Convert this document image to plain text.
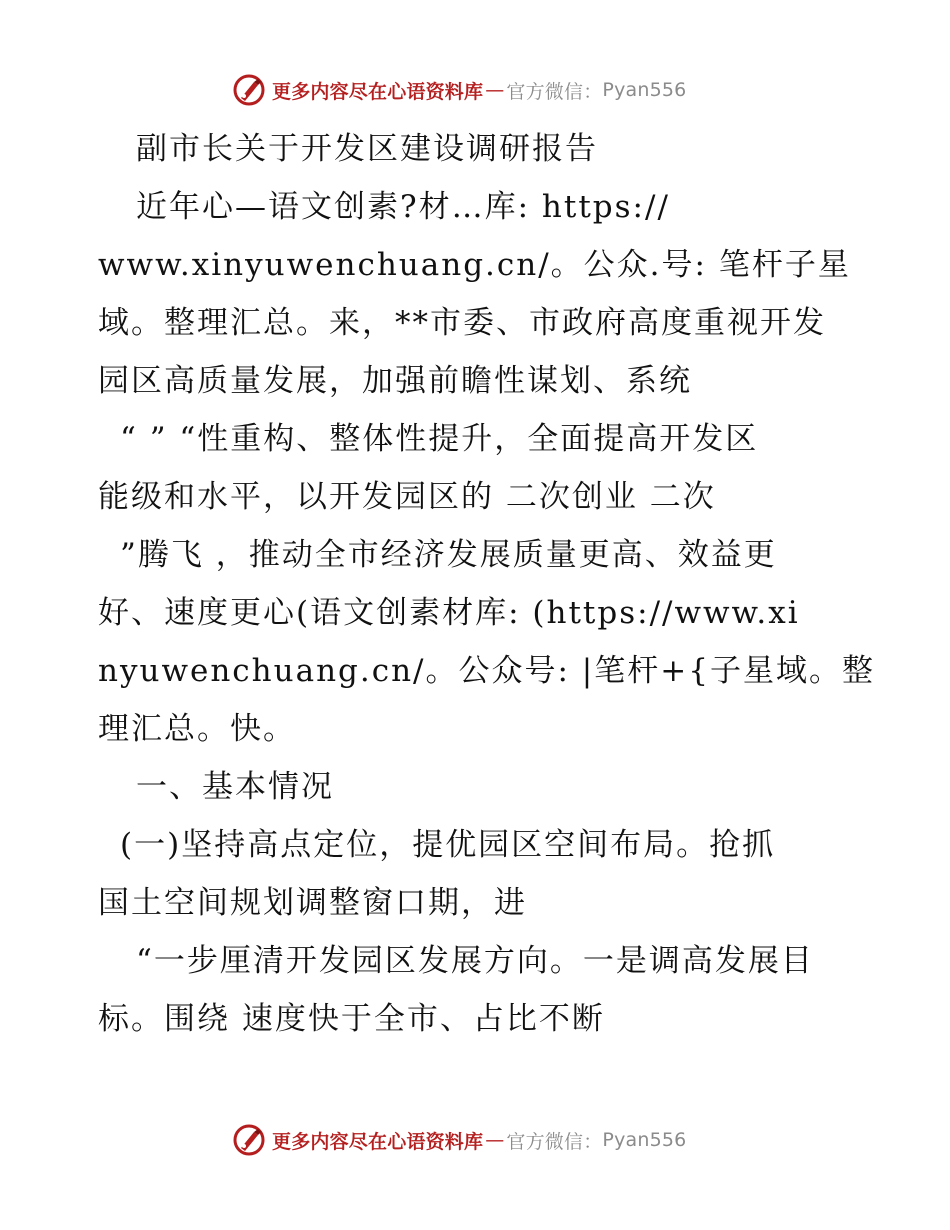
更多内容尽在心语资料库 — 官方微信： Pyan556
副市长关于开发区建设调研报告
近年心—语文创素?材…库: https://
www.xinyuwenchuang.cn/。公众.号: 笔杆子星
域。整理汇总。来，**市委、市政府高度重视开发
园区高质量发展，加强前瞻性谋划、系统
“ ” “性重构、整体性提升，全面提高开发区
能级和水平，以开发园区的 二次创业 二次
”腾飞 ，推动全市经济发展质量更高、效益更
好、速度更心(语文创素材库: (https://www.xi
nyuwenchuang.cn/。公众号: |笔杆+{子星域。整
理汇总。快。
一、基本情况
(一)坚持高点定位，提优园区空间布局。抢抓
国土空间规划调整窗口期，进
“一步厘清开发园区发展方向。一是调高发展目
标。围绕 速度快于全市、占比不断
更多内容尽在心语资料库 — 官方微信： Pyan556
